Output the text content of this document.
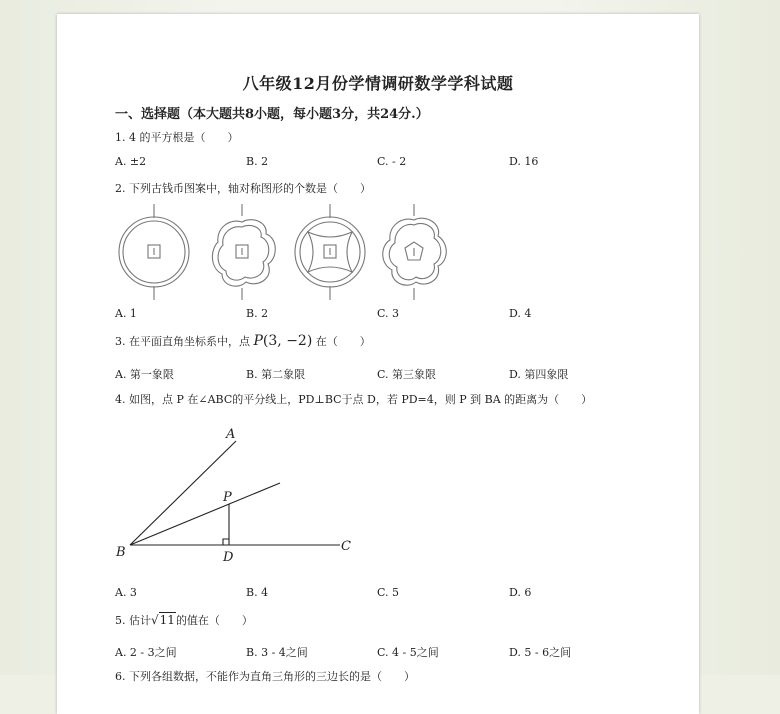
八年级12月份学情调研数学学科试题
一、选择题（本大题共8小题，每小题3分，共24分.）
1. 4 的平方根是（　　）
A. ±2	B. 2	C. - 2	D. 16
2. 下列古钱币图案中，轴对称图形的个数是（　　）
A. 1	B. 2	C. 3	D. 4
3. 在平面直角坐标系中，点 P(3, −2) 在（　　）
A. 第一象限	B. 第二象限	C. 第三象限	D. 第四象限
4. 如图，点 P 在∠ABC的平分线上，PD⊥BC于点 D，若 PD=4，则 P 到 BA 的距离为（　　）
A
P
B	D
C
A. 3	B. 4	C. 5	D. 6
5. 估计√11的值在（　　）
A. 2 - 3之间	B. 3 - 4之间	C. 4 - 5之间	D. 5 - 6之间
6. 下列各组数据，不能作为直角三角形的三边长的是（　　）
